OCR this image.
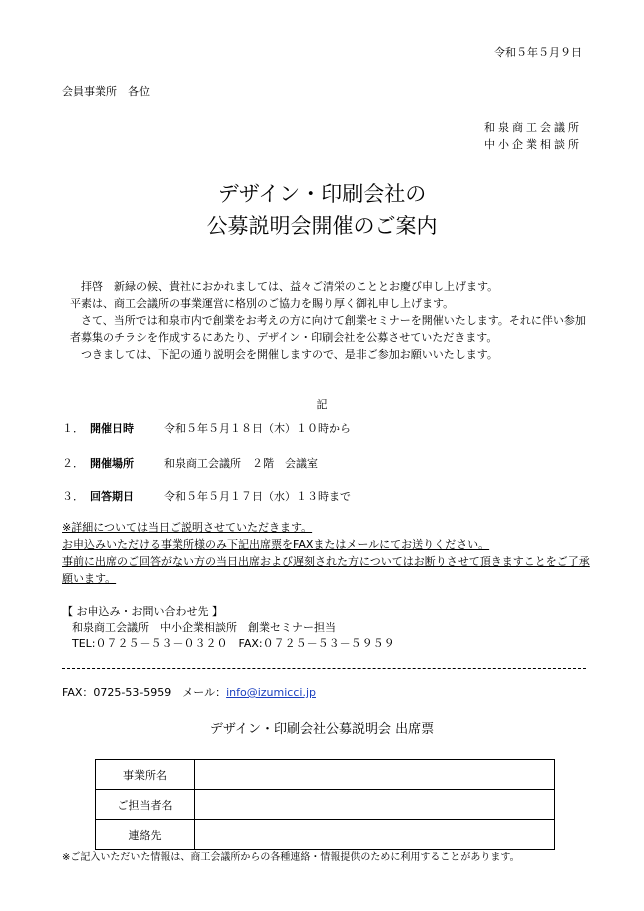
令和５年５月９日
会員事業所　各位
和泉商工会議所
中小企業相談所
デザイン・印刷会社の
公募説明会開催のご案内

　拝啓　新緑の候、貴社におかれましては、益々ご清栄のこととお慶び申し上げます。

平素は、商工会議所の事業運営に格別のご協力を賜り厚く御礼申し上げます。

　さて、当所では和泉市内で創業をお考えの方に向けて創業セミナーを開催いたします。それに伴い参加者募集のチラシを作成するにあたり、デザイン・印刷会社を公募させていただきます。

　つきましては、下記の通り説明会を開催しますので、是非ご参加お願いいたします。

記
１． 開催日時	令和５年５月１８日（木）１０時から
２． 開催場所	和泉商工会議所　２階　会議室
３． 回答期日	令和５年５月１７日（水）１３時まで
※詳細については当日ご説明させていただきます。
お申込みいただける事業所様のみ下記出席票をFAXまたはメールにてお送りください。
事前に出席のご回答がない方の当日出席および遅刻された方についてはお断りさせて頂きますことをご了承願います。
【 お申込み・お問い合わせ先 】
和泉商工会議所　中小企業相談所　創業セミナー担当
TEL:０７２５－５３－０３２０　FAX:０７２５－５３－５９５９
FAX：0725-53-5959　メール：info@izumicci.jp
デザイン・印刷会社公募説明会 出席票
事業所名	
ご担当者名	
連絡先	
※ご記入いただいた情報は、商工会議所からの各種連絡・情報提供のために利用することがあります。
